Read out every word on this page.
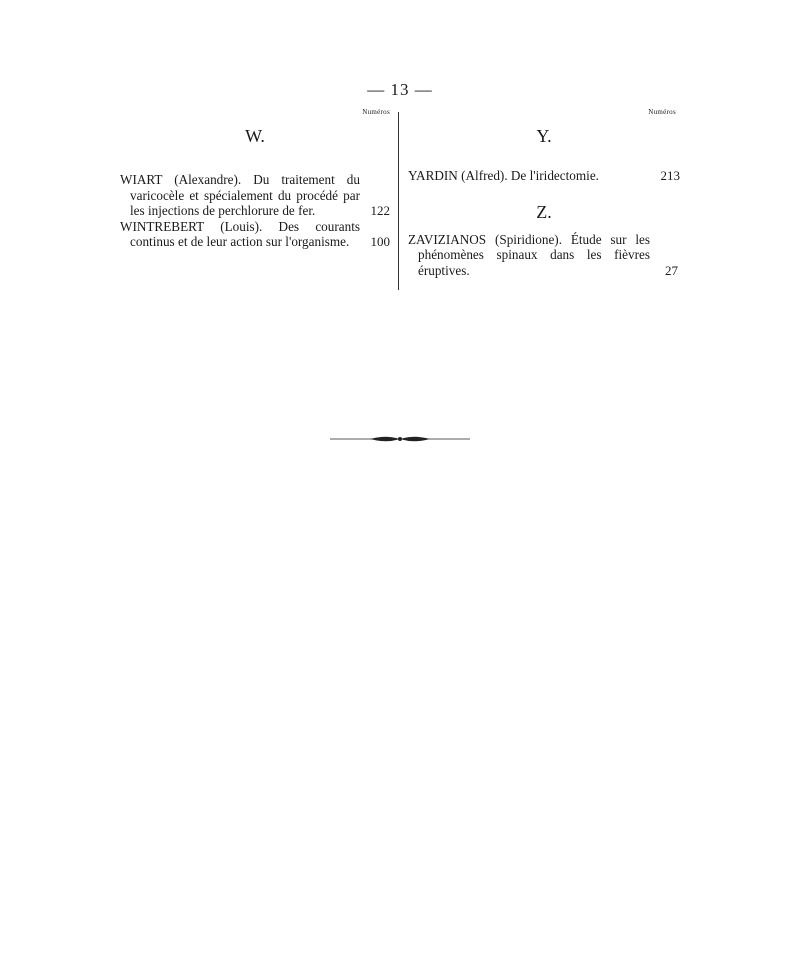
— 13 —
Numéros
W.
WIART (Alexandre). Du traitement du varicocèle et spécialement du procédé par les injections de perchlorure de fer.	122
WINTREBERT (Louis). Des courants continus et de leur action sur l'organisme.	100
Numéros
Y.
YARDIN (Alfred). De l'iridectomie.	213
Z.
ZAVIZIANOS (Spiridione). Étude sur les phénomènes spinaux dans les fièvres éruptives.	27
